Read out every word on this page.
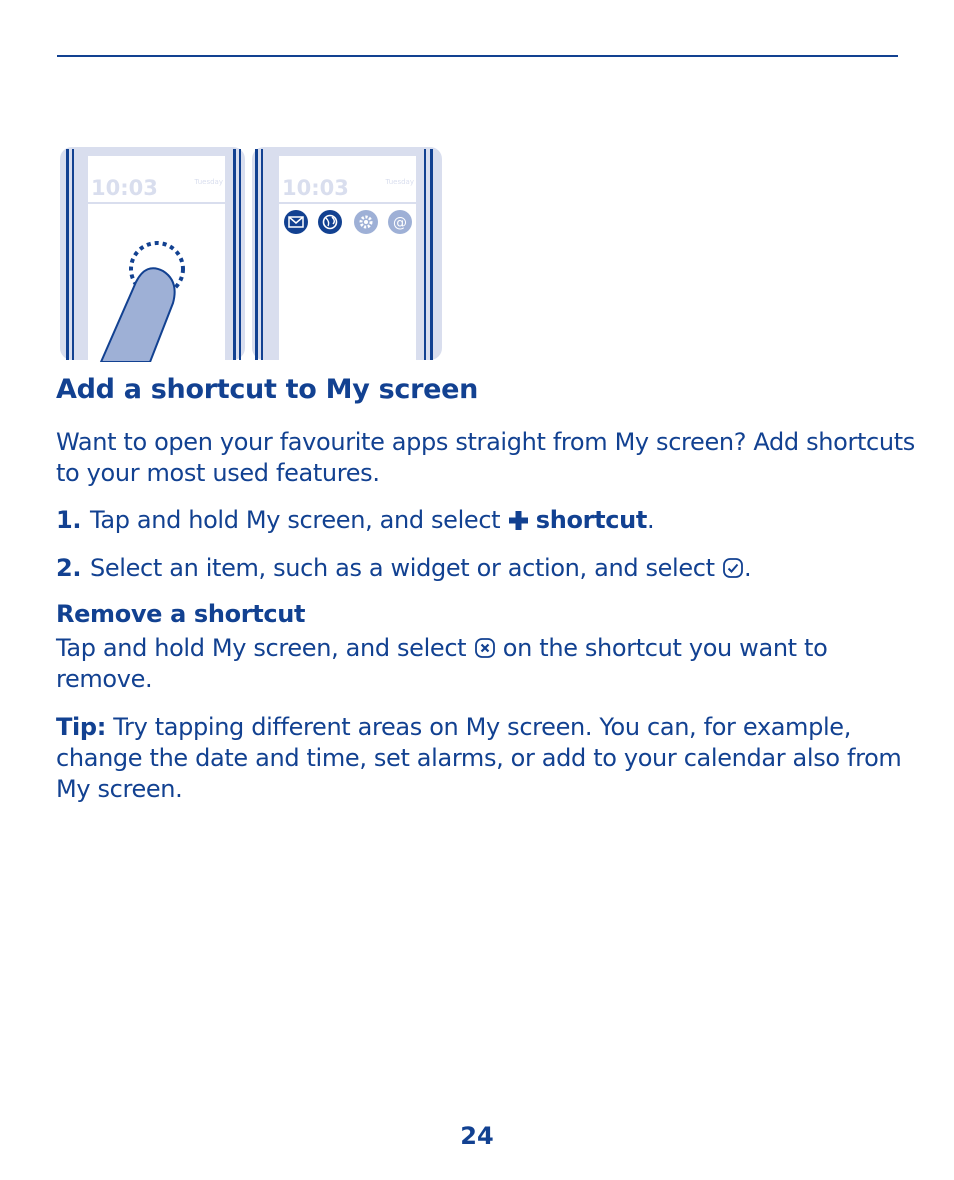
10:03	Tuesday	10:03	Tuesday
@
Add a shortcut to My screen

Want to open your favourite apps straight from My screen? Add shortcuts to your most used features.

1. Tap and hold My screen, and select  shortcut.
2. Select an item, such as a widget or action, and select .
Remove a shortcut

Tap and hold My screen, and select  on the shortcut you want to remove.

Tip: Try tapping different areas on My screen. You can, for example, change the date and time, set alarms, or add to your calendar also from My screen.

24
